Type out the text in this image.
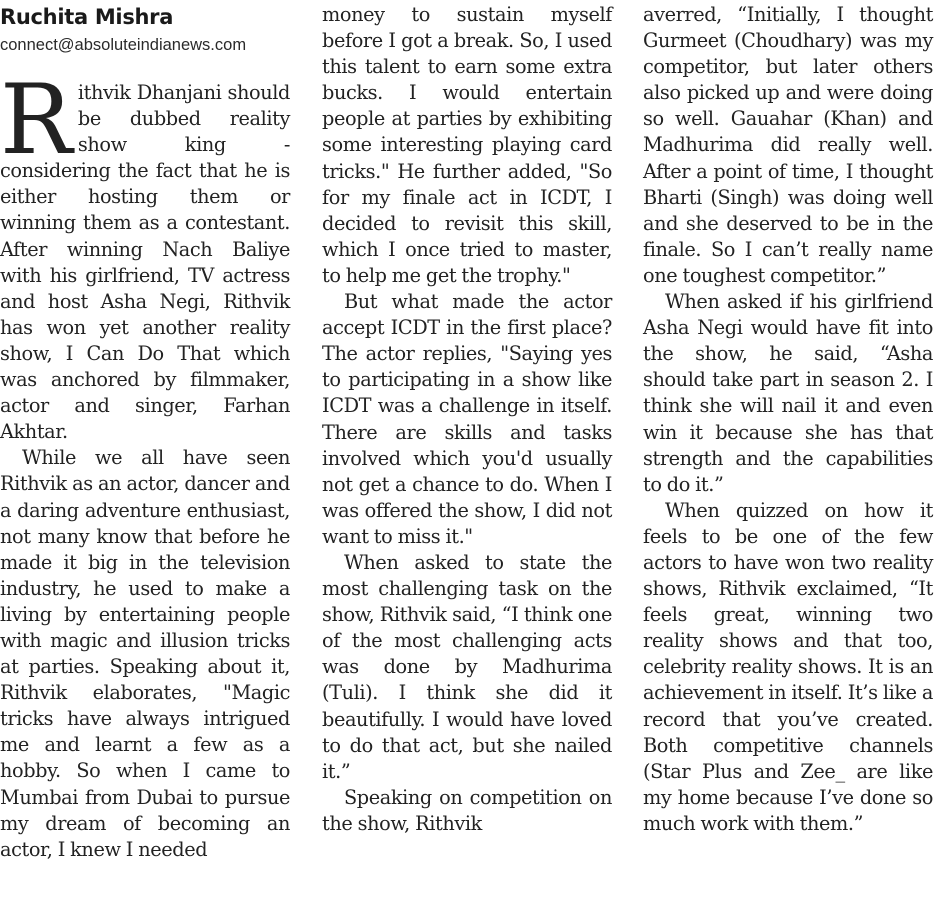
Ruchita Mishra
connect@absoluteindianews.com

Rithvik Dhanjani should be dubbed reality show king - considering the fact that he is either hosting them or winning them as a contestant. After winning Nach Baliye with his girlfriend, TV actress and host Asha Negi, Rithvik has won yet another reality show, I Can Do That which was anchored by filmmaker, actor and singer, Farhan Akhtar.

While we all have seen Rithvik as an actor, dancer and a daring adventure enthusiast, not many know that before he made it big in the television industry, he used to make a living by entertaining people with magic and illusion tricks at parties. Speaking about it, Rithvik elaborates, "Magic tricks have always intrigued me and learnt a few as a hobby. So when I came to Mumbai from Dubai to pursue my dream of becoming an actor, I knew I needed

money to sustain myself before I got a break. So, I used this talent to earn some extra bucks. I would entertain people at parties by exhibiting some interesting playing card tricks." He further added, "So for my finale act in ICDT, I decided to revisit this skill, which I once tried to master, to help me get the trophy."

But what made the actor accept ICDT in the first place? The actor replies, "Saying yes to participating in a show like ICDT was a challenge in itself. There are skills and tasks involved which you'd usually not get a chance to do. When I was offered the show, I did not want to miss it."

When asked to state the most challenging task on the show, Rithvik said, “I think one of the most challenging acts was done by Madhurima (Tuli). I think she did it beautifully. I would have loved to do that act, but she nailed it.”

Speaking on competition on the show, Rithvik

averred, “Initially, I thought Gurmeet (Choudhary) was my competitor, but later others also picked up and were doing so well. Gauahar (Khan) and Madhurima did really well. After a point of time, I thought Bharti (Singh) was doing well and she deserved to be in the finale. So I can’t really name one toughest competitor.”

When asked if his girlfriend Asha Negi would have fit into the show, he said, “Asha should take part in season 2. I think she will nail it and even win it because she has that strength and the capabilities to do it.”

When quizzed on how it feels to be one of the few actors to have won two reality shows, Rithvik exclaimed, “It feels great, winning two reality shows and that too, celebrity reality shows. It is an achievement in itself. It’s like a record that you’ve created. Both competitive channels (Star Plus and Zee_ are like my home because I’ve done so much work with them.”
